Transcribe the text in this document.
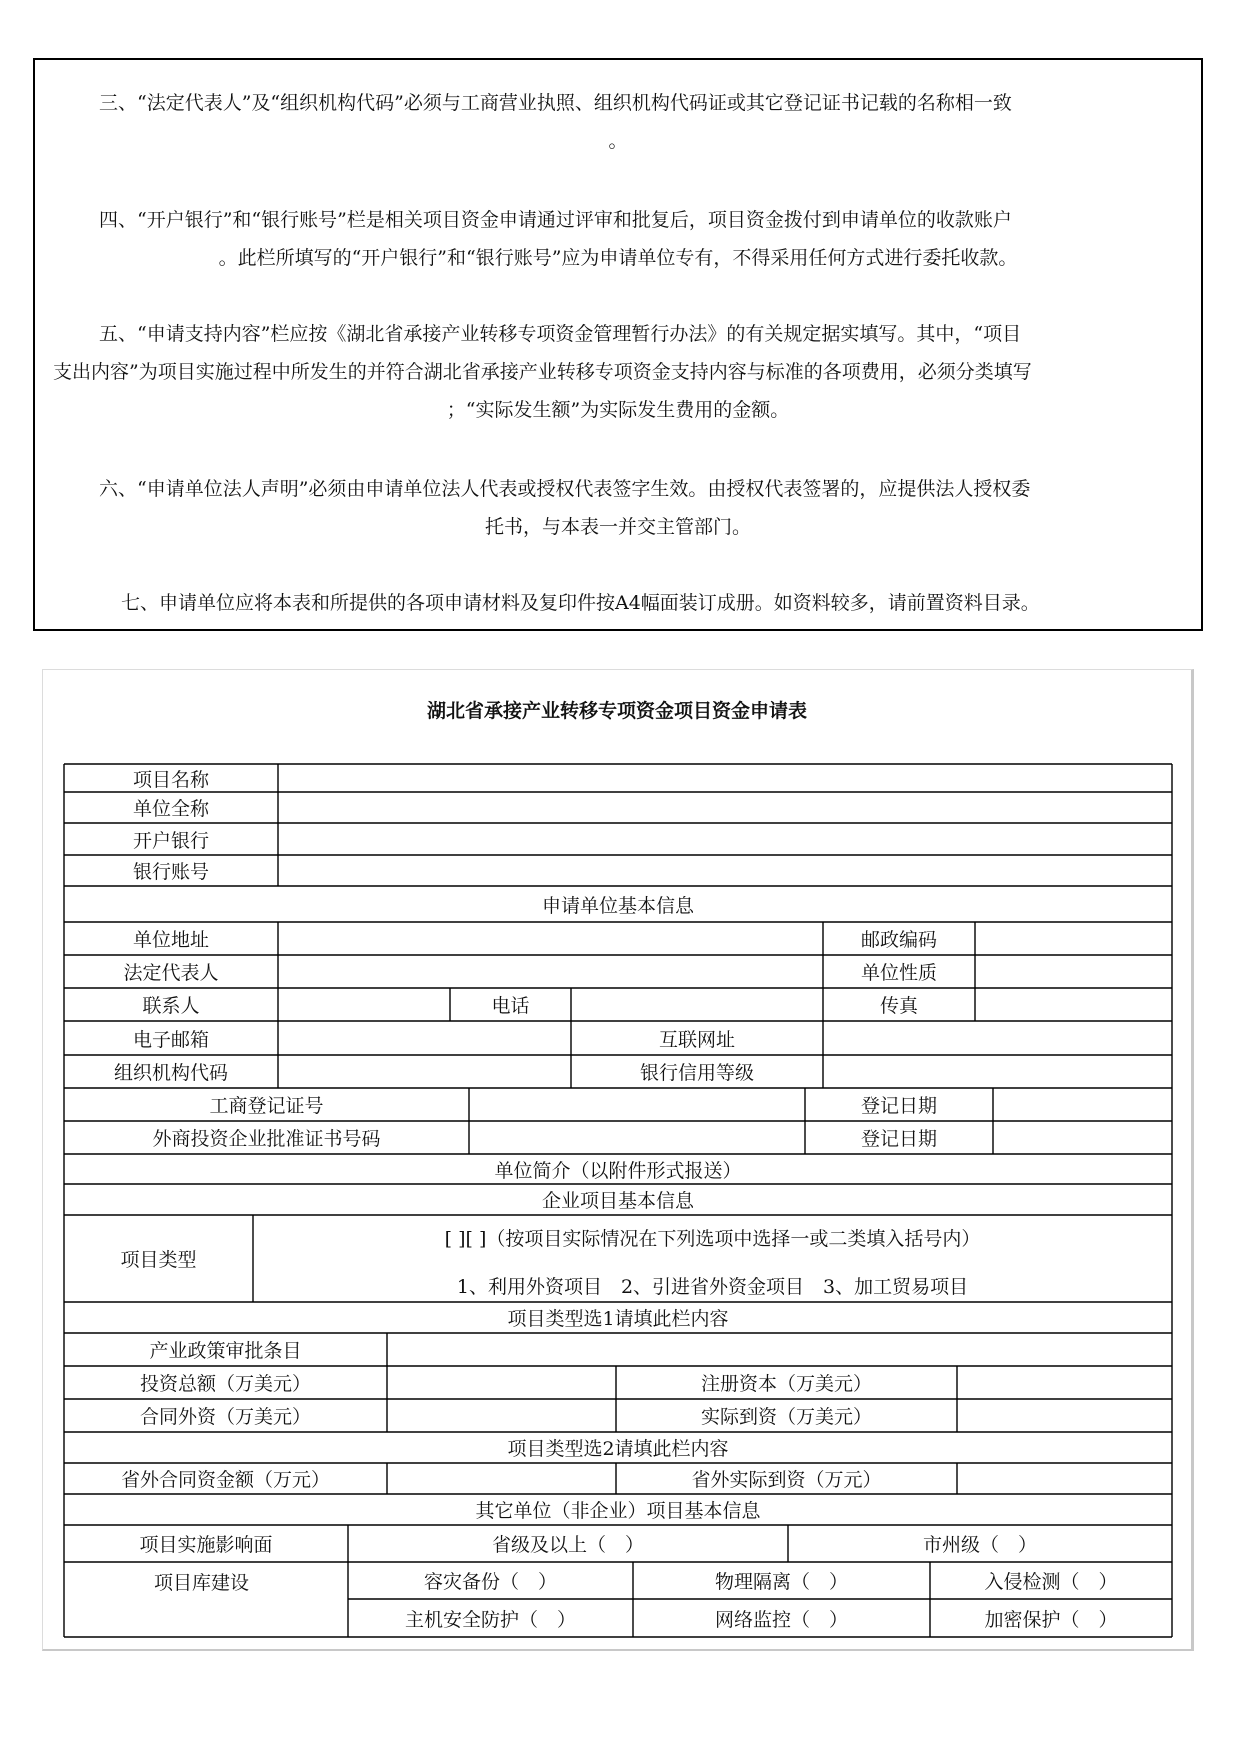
三、“法定代表人”及“组织机构代码”必须与工商营业执照、组织机构代码证或其它登记证书记载的名称相一致
。
四、“开户银行”和“银行账号”栏是相关项目资金申请通过评审和批复后，项目资金拨付到申请单位的收款账户
。此栏所填写的“开户银行”和“银行账号”应为申请单位专有，不得采用任何方式进行委托收款。
五、“申请支持内容”栏应按《湖北省承接产业转移专项资金管理暂行办法》的有关规定据实填写。其中，“项目
支出内容”为项目实施过程中所发生的并符合湖北省承接产业转移专项资金支持内容与标准的各项费用，必须分类填写
；“实际发生额”为实际发生费用的金额。
六、“申请单位法人声明”必须由申请单位法人代表或授权代表签字生效。由授权代表签署的，应提供法人授权委
托书，与本表一并交主管部门。
七、申请单位应将本表和所提供的各项申请材料及复印件按A4幅面装订成册。如资料较多，请前置资料目录。
湖北省承接产业转移专项资金项目资金申请表
项目名称
单位全称
开户银行
银行账号
申请单位基本信息
单位地址	邮政编码
法定代表人	单位性质
联系人	电话	传真
电子邮箱	互联网址
组织机构代码	银行信用等级
工商登记证号	登记日期
外商投资企业批准证书号码	登记日期
单位简介（以附件形式报送）
企业项目基本信息
项目类型
[ ][ ]（按项目实际情况在下列选项中选择一或二类填入括号内）
1、利用外资项目　2、引进省外资金项目　3、加工贸易项目
项目类型选1请填此栏内容
产业政策审批条目
投资总额（万美元）	注册资本（万美元）
合同外资（万美元）	实际到资（万美元）
项目类型选2请填此栏内容
省外合同资金额（万元）	省外实际到资（万元）
其它单位（非企业）项目基本信息
项目实施影响面	省级及以上（　）	市州级（　）
项目库建设	容灾备份（　）	物理隔离（　）	入侵检测（　）
主机安全防护（　）	网络监控（　）	加密保护（　）
